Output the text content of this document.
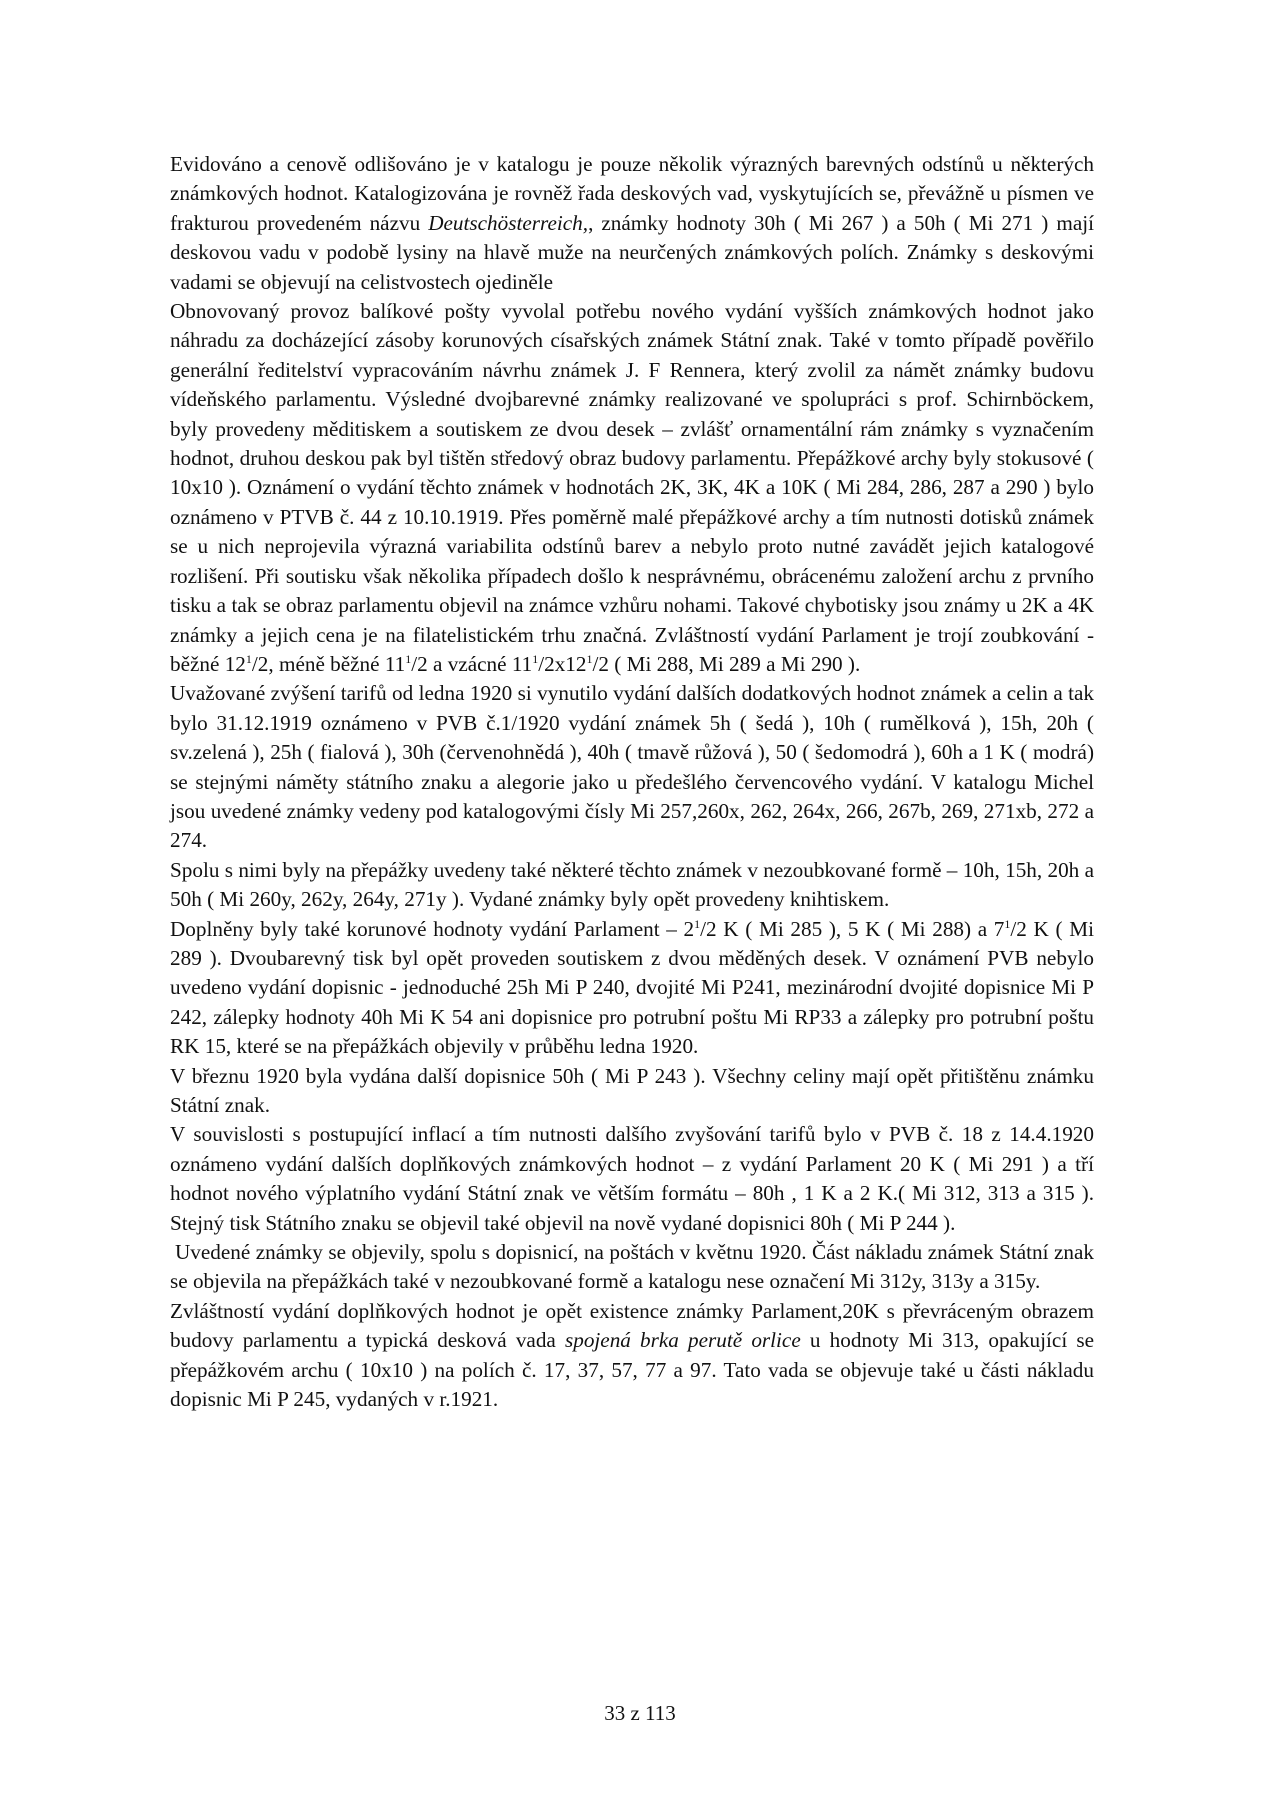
Evidováno a cenově odlišováno je v katalogu je pouze několik výrazných barevných odstínů u některých známkových hodnot. Katalogizována je rovněž řada deskových vad, vyskytujících se, převážně u písmen ve frakturou provedeném názvu Deutschösterreich,, známky hodnoty 30h ( Mi 267 ) a 50h ( Mi 271 ) mají deskovou vadu v podobě lysiny na hlavě muže na neurčených známkových polích. Známky s deskovými vadami se objevují na celistvostech ojediněle

Obnovovaný provoz balíkové pošty vyvolal potřebu nového vydání vyšších známkových hodnot jako náhradu za docházející zásoby korunových císařských známek Státní znak. Také v tomto případě pověřilo generální ředitelství vypracováním návrhu známek J. F Rennera, který zvolil za námět známky budovu vídeňského parlamentu. Výsledné dvojbarevné známky realizované ve spolupráci s prof. Schirnböckem, byly provedeny měditiskem a soutiskem ze dvou desek – zvlášť ornamentální rám známky s vyznačením hodnot, druhou deskou pak byl tištěn středový obraz budovy parlamentu. Přepážkové archy byly stokusové ( 10x10 ). Oznámení o vydání těchto známek v hodnotách 2K, 3K, 4K a 10K ( Mi 284, 286, 287 a 290 ) bylo oznámeno v PTVB č. 44 z 10.10.1919. Přes poměrně malé přepážkové archy a tím nutnosti dotisků známek se u nich neprojevila výrazná variabilita odstínů barev a nebylo proto nutné zavádět jejich katalogové rozlišení. Při soutisku však několika případech došlo k nesprávnému, obrácenému založení archu z prvního tisku a tak se obraz parlamentu objevil na známce vzhůru nohami. Takové chybotisky jsou známy u 2K a 4K známky a jejich cena je na filatelistickém trhu značná. Zvláštností vydání Parlament je trojí zoubkování - běžné $12^1/2$, méně běžné $11^1/2$ a vzácné $11^1/2x12^1/2$ ( Mi 288, Mi 289 a Mi 290 ).

Uvažované zvýšení tarifů od ledna 1920 si vynutilo vydání dalších dodatkových hodnot známek a celin a tak bylo 31.12.1919 oznámeno v PVB č.1/1920 vydání známek 5h ( šedá ), 10h ( rumělková ), 15h, 20h ( sv.zelená ), 25h ( fialová ), 30h (červenohnědá ), 40h ( tmavě růžová ), 50 ( šedomodrá ), 60h a 1 K ( modrá) se stejnými náměty státního znaku a alegorie jako u předešlého červencového vydání. V katalogu Michel jsou uvedené známky vedeny pod katalogovými čísly Mi 257,260x, 262, 264x, 266, 267b, 269, 271xb, 272 a 274.

Spolu s nimi byly na přepážky uvedeny také některé těchto známek v nezoubkované formě – 10h, 15h, 20h a 50h ( Mi 260y, 262y, 264y, 271y ). Vydané známky byly opět provedeny knihtiskem.

Doplněny byly také korunové hodnoty vydání Parlament – $2^1/2$ K ( Mi 285 ), 5 K ( Mi 288) a $7^1/2$ K ( Mi 289 ). Dvoubarevný tisk byl opět proveden soutiskem z dvou měděných desek. V oznámení PVB nebylo uvedeno vydání dopisnic - jednoduché 25h Mi P 240, dvojité Mi P241, mezinárodní dvojité dopisnice Mi P 242, zálepky hodnoty 40h Mi K 54 ani dopisnice pro potrubní poštu Mi RP33 a zálepky pro potrubní poštu RK 15, které se na přepážkách objevily v průběhu ledna 1920.

V březnu 1920 byla vydána další dopisnice 50h ( Mi P 243 ). Všechny celiny mají opět přitištěnu známku Státní znak.

V souvislosti s postupující inflací a tím nutnosti dalšího zvyšování tarifů bylo v PVB č. 18 z 14.4.1920 oznámeno vydání dalších doplňkových známkových hodnot – z vydání Parlament 20 K ( Mi 291 ) a tří hodnot nového výplatního vydání Státní znak ve větším formátu – 80h , 1 K a 2 K.( Mi 312, 313 a 315 ). Stejný tisk Státního znaku se objevil také objevil na nově vydané dopisnici 80h ( Mi P 244 ).

Uvedené známky se objevily, spolu s dopisnicí, na poštách v květnu 1920. Část nákladu známek Státní znak se objevila na přepážkách také v nezoubkované formě a katalogu nese označení Mi 312y, 313y a 315y.

Zvláštností vydání doplňkových hodnot je opět existence známky Parlament,20K s převráceným obrazem budovy parlamentu a typická desková vada spojená brka perutě orlice u hodnoty Mi 313, opakující se přepážkovém archu ( 10x10 ) na polích č. 17, 37, 57, 77 a 97. Tato vada se objevuje také u části nákladu dopisnic Mi P 245, vydaných v r.1921.

33 z 113
